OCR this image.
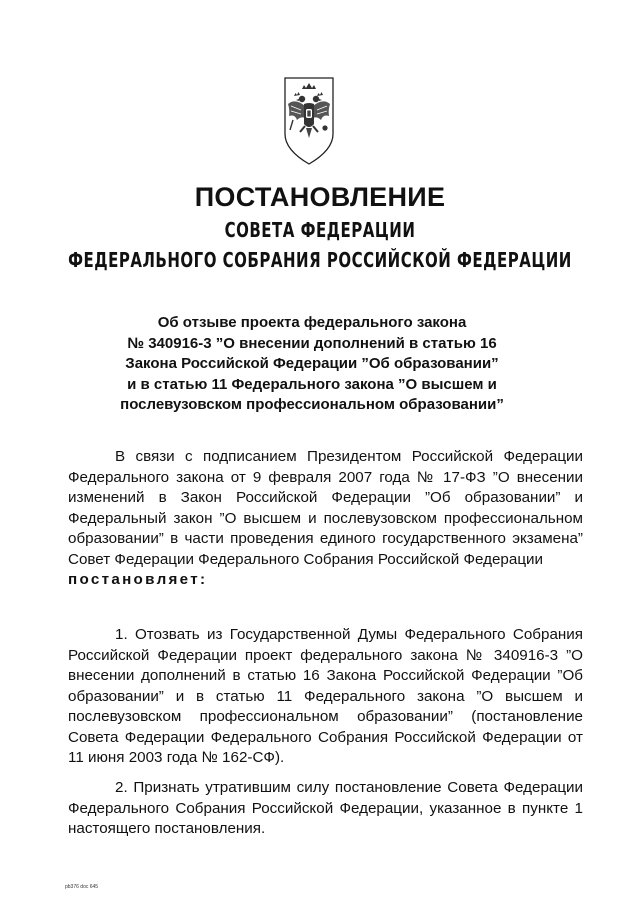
ПОСТАНОВЛЕНИЕ
СОВЕТА ФЕДЕРАЦИИ
ФЕДЕРАЛЬНОГО СОБРАНИЯ РОССИЙСКОЙ ФЕДЕРАЦИИ
Об отзыве проекта федерального закона
№ 340916-3 ”О внесении дополнений в статью 16
Закона Российской Федерации ”Об образовании”
и в статью 11 Федерального закона ”О высшем и
послевузовском профессиональном образовании”
В связи с подписанием Президентом Российской Федерации Федерального закона от 9 февраля 2007 года № 17-ФЗ ”О внесении изменений в Закон Российской Федерации ”Об образовании” и Федеральный закон ”О высшем и послевузовском профессиональном образовании” в части проведения единого государственного экзамена” Совет Федерации Федерального Собрания Российской Федерации
постановляет:
1. Отозвать из Государственной Думы Федерального Собрания Российской Федерации проект федерального закона № 340916-3 ”О внесении дополнений в статью 16 Закона Российской Федерации ”Об образовании” и в статью 11 Федерального закона ”О высшем и послевузовском профессиональном образовании” (постановление Совета Федерации Федерального Собрания Российской Федерации от 11 июня 2003 года № 162-СФ).
2. Признать утратившим силу постановление Совета Федерации Федерального Собрания Российской Федерации, указанное в пункте 1 настоящего постановления.
pb376 doc 645
